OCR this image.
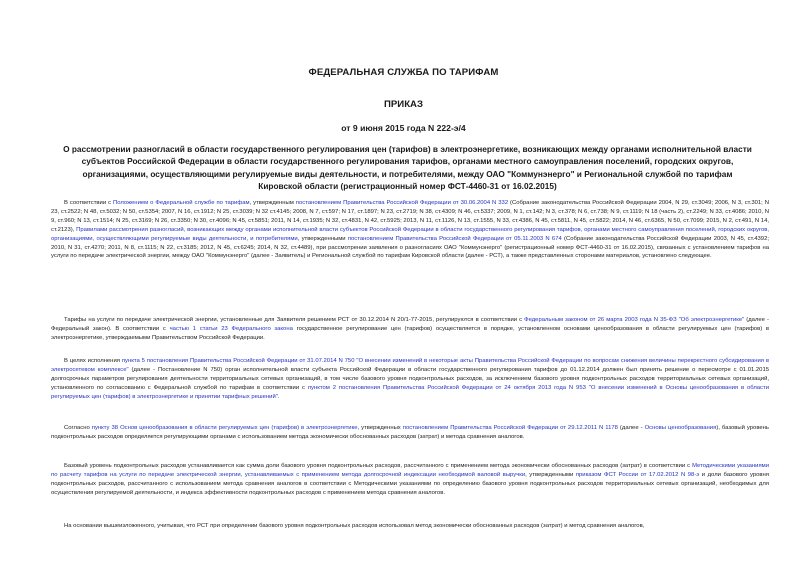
ФЕДЕРАЛЬНАЯ СЛУЖБА ПО ТАРИФАМ
ПРИКАЗ
от 9 июня 2015 года N 222-э/4

О рассмотрении разногласий в области государственного регулирования цен (тарифов) в электроэнергетике, возникающих между органами исполнительной власти субъектов Российской Федерации в области государственного регулирования тарифов, органами местного самоуправления поселений, городских округов, организациями, осуществляющими регулируемые виды деятельности, и потребителями, между ОАО "Коммунэнерго" и Региональной службой по тарифам Кировской области (регистрационный номер ФСТ-4460-31 от 16.02.2015)

В соответствии с Положением о Федеральной службе по тарифам, утвержденным постановлением Правительства Российской Федерации от 30.06.2004 N 332 (Собрание законодательства Российской Федерации 2004, N 29, ст.3049; 2006, N 3, ст.301; N 23, ст.2522; N 48, ст.5032; N 50, ст.5354; 2007, N 16, ст.1912; N 25, ст.3039; N 32 ст.4145; 2008, N 7, ст.597; N 17, ст.1897; N 23, ст.2719; N 38, ст.4309; N 46, ст.5337; 2009, N 1, ст.142; N 3, ст.378; N 6, ст.738; N 9, ст.1119; N 18 (часть 2), ст.2249; N 33, ст.4086; 2010, N 9, ст.960; N 13, ст.1514; N 25, ст.3169; N 26, ст.3350; N 30, ст.4096; N 45, ст.5851; 2011, N 14, ст.1935; N 32, ст.4831, N 42, ст.5925; 2013, N 11, ст.1126, N 13, ст.1555, N 33, ст.4386, N 45, ст.5811, N 45, ст.5822; 2014, N 46, ст.6365, N 50, ст.7099; 2015, N 2, ст.491, N 14, ст.2123), Правилами рассмотрения разногласий, возникающих между органами исполнительной власти субъектов Российской Федерации в области государственного регулирования тарифов, органами местного самоуправления поселений, городских округов, организациями, осуществляющими регулируемые виды деятельности, и потребителями, утвержденными постановлением Правительства Российской Федерации от 05.11.2003 N 674 (Собрание законодательства Российской Федерации 2003, N 45, ст.4392; 2010, N 31, ст.4270; 2011, N 8, ст.1115; N 22, ст.3185; 2012, N 45, ст.6245; 2014, N 32, ст.4489), при рассмотрении заявления о разногласиях ОАО "Коммунэнерго" (регистрационный номер ФСТ-4460-31 от 16.02.2015), связанных с установлением тарифов на услуги по передаче электрической энергии, между ОАО "Коммунэнерго" (далее - Заявитель) и Региональной службой по тарифам Кировской области (далее - РСТ), а также представленных сторонами материалов, установлено следующее.

Тарифы на услуги по передаче электрической энергии, установленные для Заявителя решением РСТ от 30.12.2014 N 20/1-77-2015, регулируются в соответствии с Федеральным законом от 26 марта 2003 года N 35-ФЗ "Об электроэнергетике" (далее - Федеральный закон). В соответствии с частью 1 статьи 23 Федерального закона государственное регулирование цен (тарифов) осуществляется в порядке, установленном основами ценообразования в области регулируемых цен (тарифов) в электроэнергетике, утверждаемыми Правительством Российской Федерации.

В целях исполнения пункта 5 постановления Правительства Российской Федерации от 31.07.2014 N 750 "О внесении изменений в некоторые акты Правительства Российской Федерации по вопросам снижения величины перекрестного субсидирования в электросетевом комплексе" (далее - Постановление N 750) орган исполнительной власти субъекта Российской Федерации в области государственного регулирования тарифов до 01.12.2014 должен был принять решение о пересмотре с 01.01.2015 долгосрочных параметров регулирования деятельности территориальных сетевых организаций, в том числе базового уровня подконтрольных расходов, за исключением базового уровня подконтрольных расходов территориальных сетевых организаций, установленного по согласованию с Федеральной службой по тарифам в соответствии с пунктом 2 постановления Правительства Российской Федерации от 24 октября 2013 года N 953 "О внесении изменений в Основы ценообразования в области регулируемых цен (тарифов) в электроэнергетике и принятии тарифных решений".

Согласно пункту 38 Основ ценообразования в области регулируемых цен (тарифов) в электроэнергетике, утвержденных постановлением Правительства Российской Федерации от 29.12.2011 N 1178 (далее - Основы ценообразования), базовый уровень подконтрольных расходов определяется регулирующими органами с использованием метода экономически обоснованных расходов (затрат) и метода сравнения аналогов.

Базовый уровень подконтрольных расходов устанавливается как сумма доли базового уровня подконтрольных расходов, рассчитанного с применением метода экономически обоснованных расходов (затрат) в соответствии с Методическими указаниями по расчету тарифов на услуги по передаче электрической энергии, устанавливаемых с применением метода долгосрочной индексации необходимой валовой выручки, утвержденными приказом ФСТ России от 17.02.2012 N 98-э и доли базового уровня подконтрольных расходов, рассчитанного с использованием метода сравнения аналогов в соответствии с Методическими указаниями по определению базового уровня подконтрольных расходов территориальных сетевых организаций, необходимых для осуществления регулируемой деятельности, и индекса эффективности подконтрольных расходов с применением метода сравнения аналогов.

На основании вышеизложенного, учитывая, что РСТ при определении базового уровня подконтрольных расходов использовал метод экономически обоснованных расходов (затрат) и метод сравнения аналогов,
